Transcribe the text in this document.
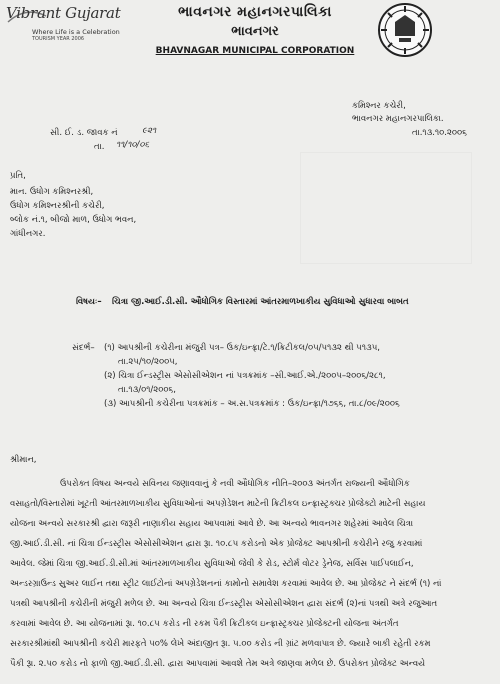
Vibrant Gujarat
Where Life is a Celebration
TOURISM YEAR 2006
ભાવનગર મહાનગરપાલિકા
ભાવનગર
BHAVNAGAR MUNICIPAL CORPORATION
કમિશ્નર કચેરી,
ભાવનગર મહાનગરપાલિકા.
તા.૧૩.૧૦.૨૦૦૬
સી. ઈ. ડ. જાવક નં	૯૨૧
તા. ૧૧/૧૦/૦૬
પ્રતિ,
માન. ઉધોગ કમિશ્નરશ્રી,
ઉધોગ કમિશ્નરશ્રીની કચેરી,
બ્લોક નં.૧, બીજો માળ, ઉધોગ ભવન,
ગાંધીનગર.
વિષયઃ– ચિત્રા જી.આઈ.ડી.સી. ઔધોગિક વિસ્તારમાં આંતરમાળખાકીય સુવિધાઓ સુધારવા બાબત
સંદર્ભ– (૧) આપશ્રીની કચેરીના મંજુરી પત્ર– ઉક/ઇન્ફ્રા/ટે.૧/ક્રિટીકલ/૦૫/૫૧૩૨ થી ૫૧૩૫,
તા.૨૫/૧૦/૨૦૦૫,
(૨) ચિત્રા ઈન્ડસ્ટ્રીસ એસોસીએશન નાં પત્રક્રમાંક –સી.આઈ.એ./૨૦૦૫–૨૦૦૬/૨૮૧,
તા.૧૩/૦૧/૨૦૦૬,
(૩) આપશ્રીની કચેરીના પત્રક્રમાંક – અ.સ.પત્રક્રમાંક : ઉક/ઇન્ફ્રા/૧૭૬૬, તા.૮/૦૯/૨૦૦૬
શ્રીમાન,
ઉપરોક્ત વિષય અન્વયે સવિનય જણાવવાનું કે નવી ઔધોગિક નીતિ–૨૦૦૩ અંતર્ગત રાજ્યની ઔધોગિક
વસાહતો/વિસ્તારોમાં ખૂટતી આંતરમાળખાકીય સુવિધાઓનાં અપગ્રેડેશન માટેની ક્રિટીકલ ઇન્ફ્રાસ્ટ્રક્ચર પ્રોજેક્ટો માટેની સહાય
યોજના અન્વયે સરકારશ્રી દ્વારા જરૂરી નાણાકીય સહાય આપવામાં આવે છે. આ અન્વયે ભાવનગર શહેરમાં આવેલ ચિત્રા
જી.આઈ.ડી.સી. નાં ચિત્રા ઈન્ડસ્ટ્રીસ એસોસીએશન દ્વારા રૂા. ૧૦.૮૫ કરોડનો એક પ્રોજેક્ટ આપશ્રીની કચેરીને રજુ કરવામાં
આવેલ. જેમાં ચિત્રા જી.આઈ.ડી.સી.માં આંતરમાળખાકીય સુવિધાઓ જેવી કે રોડ, સ્ટોર્મ વોટર ડ્રેનેજ, સર્વિસ પાઈપલાઈન,
અન્ડરગ્રાઉન્ડ સુઅર લાઈન તથા સ્ટ્રીટ લાઈટોનાં અપગ્રેડેશનનાં કામોનો સમાવેશ કરવામાં આવેલ છે. આ પ્રોજેક્ટ ને સંદર્ભ (૧) નાં
પત્રથી આપશ્રીની કચેરીની મંજુરી મળેલ છે. આ અન્વયે ચિત્રા ઈન્ડસ્ટ્રીસ એસોસીએશન દ્વારા સંદર્ભ (૨)નાં પત્રથી અત્રે રજુઆત
કરવામાં આવેલ છે. આ યોજનામાં રૂા. ૧૦.૮૫ કરોડ ની રકમ પૈકી ક્રિટીકલ ઇન્ફ્રાસ્ટ્રક્ચર પ્રોજેક્ટની યોજના અંતર્ગત
સરકારશ્રીમાંથી આપશ્રીની કચેરી મારફતે ૫૦% લેખે અંદાજીત રૂા. ૫.૦૦ કરોડ ની ગ્રાંટ મળવાપાત્ર છે. જ્યારે બાકી રહેતી રકમ
પૈકી રૂા. ૨.૫૦ કરોડ નો ફાળો જી.આઈ.ડી.સી. દ્વારા આપવામાં આવશે તેમ અત્રે જાણવા મળેલ છે. ઉપરોક્ત પ્રોજેક્ટ અન્વયે
